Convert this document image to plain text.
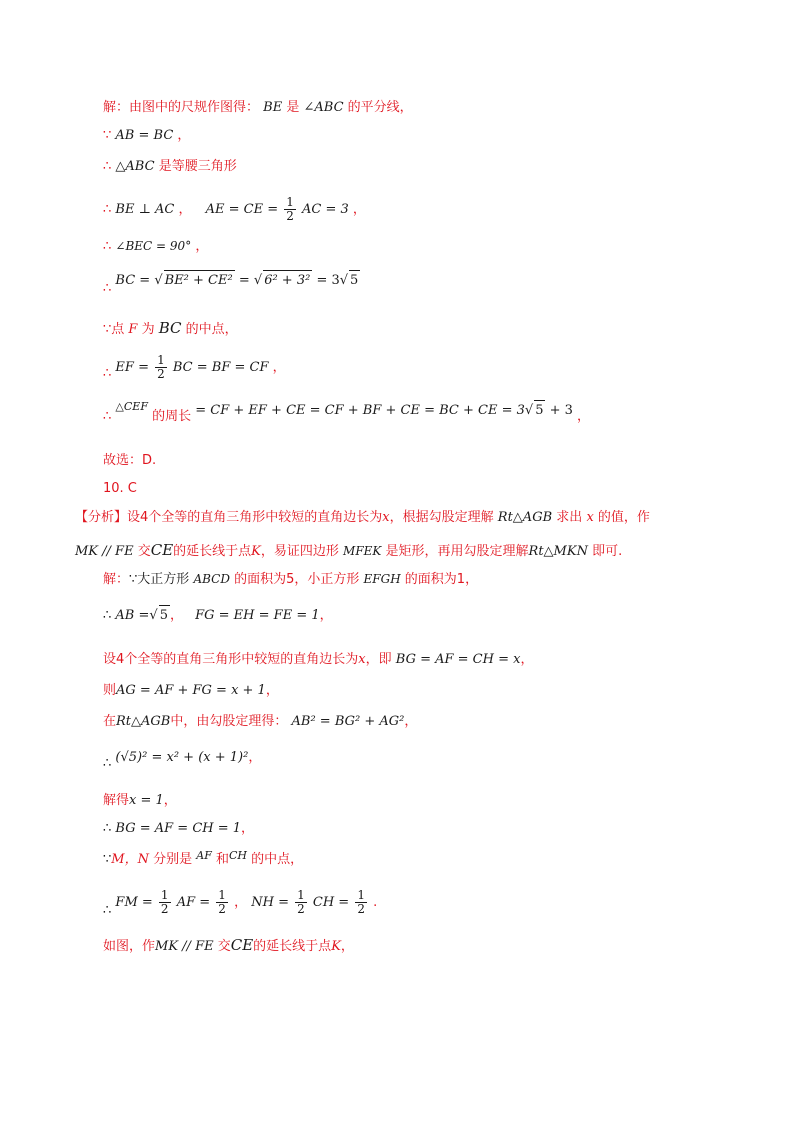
解：由图中的尺规作图得： BE 是 ∠ABC 的平分线，
∵ AB = BC ，
∴ △ABC 是等腰三角形
∴ BE ⊥ AC ， AE = CE = $\frac{1}{2}$ AC = 3 ，
∴ ∠BEC = 90° ，
∴ BC = √ BE² + CE² = √ 6² + 3² = 3√ 5
∵点 F 为 BC 的中点，
∴ EF = $\frac{1}{2}$ BC = BF = CF ，
∴ $^{\triangle CEF}$ 的周长 = CF + EF + CE = CF + BF + CE = BC + CE = 3√ 5 + 3 ，
故选：D.
10. C
【分析】设4个全等的直角三角形中较短的直角边长为x，根据勾股定理解 Rt△AGB 求出 x 的值，作
MK // FE 交CE的延长线于点K，易证四边形 MFEK 是矩形，再用勾股定理解Rt△MKN 即可.
解：∵大正方形 ABCD 的面积为5，小正方形 EFGH 的面积为1，
∴ AB =√ 5 ， FG = EH = FE = 1，
设4个全等的直角三角形中较短的直角边长为x，即 BG = AF = CH = x，
则AG = AF + FG = x + 1，
在Rt△AGB中，由勾股定理得： AB² = BG² + AG²，
∴ (√5)² = x² + (x + 1)²，
解得x = 1，
∴ BG = AF = CH = 1，
∵M，N 分别是 $^{AF}$ 和$^{CH}$ 的中点，
∴ FM = $\frac{1}{2}$ AF = $\frac{1}{2}$ ， NH = $\frac{1}{2}$ CH = $\frac{1}{2}$ .
如图，作MK // FE 交CE的延长线于点K，
